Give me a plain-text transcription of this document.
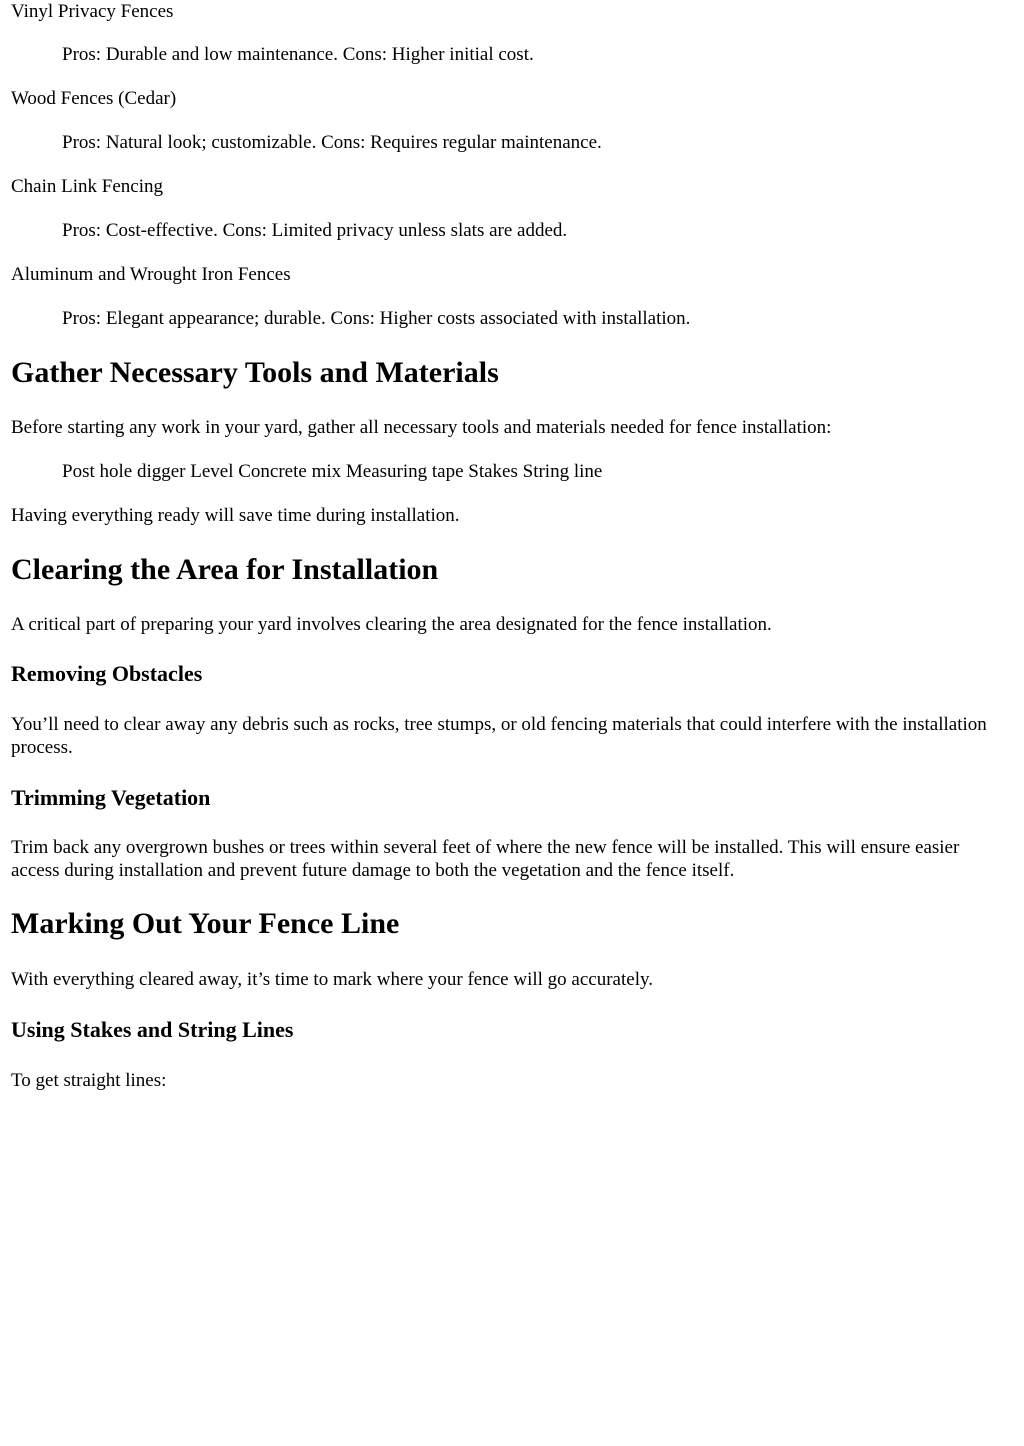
Vinyl Privacy Fences

Pros: Durable and low maintenance. Cons: Higher initial cost.

Wood Fences (Cedar)

Pros: Natural look; customizable. Cons: Requires regular maintenance.

Chain Link Fencing

Pros: Cost-effective. Cons: Limited privacy unless slats are added.

Aluminum and Wrought Iron Fences

Pros: Elegant appearance; durable. Cons: Higher costs associated with installation.

Gather Necessary Tools and Materials

Before starting any work in your yard, gather all necessary tools and materials needed for fence installation:

Post hole digger Level Concrete mix Measuring tape Stakes String line

Having everything ready will save time during installation.

Clearing the Area for Installation

A critical part of preparing your yard involves clearing the area designated for the fence installation.

Removing Obstacles

You’ll need to clear away any debris such as rocks, tree stumps, or old fencing materials that could interfere with the installation process.

Trimming Vegetation

Trim back any overgrown bushes or trees within several feet of where the new fence will be installed. This will ensure easier access during installation and prevent future damage to both the vegetation and the fence itself.

Marking Out Your Fence Line

With everything cleared away, it’s time to mark where your fence will go accurately.

Using Stakes and String Lines

To get straight lines:
